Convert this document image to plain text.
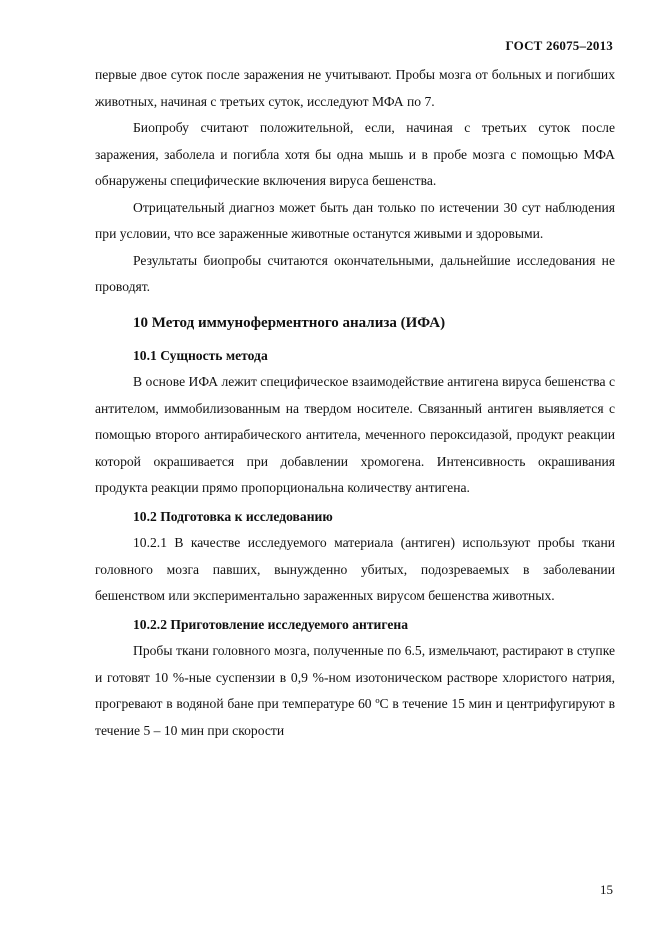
ГОСТ 26075–2013

первые двое суток после заражения не учитывают. Пробы мозга от больных и погибших животных, начиная с третьих суток, исследуют МФА по 7.

Биопробу считают положительной, если, начиная с третьих суток после заражения, заболела и погибла хотя бы одна мышь и в пробе мозга с помощью МФА обнаружены специфические включения вируса бешенства.

Отрицательный диагноз может быть дан только по истечении 30 сут наблюдения при условии, что все зараженные животные останутся живыми и здоровыми.

Результаты биопробы считаются окончательными, дальнейшие исследования не проводят.

10 Метод иммуноферментного анализа (ИФА)
10.1 Сущность метода

В основе ИФА лежит специфическое взаимодействие антигена вируса бешенства с антителом, иммобилизованным на твердом носителе. Связанный антиген выявляется с помощью второго антирабического антитела, меченного пероксидазой, продукт реакции которой окрашивается при добавлении хромогена. Интенсивность окрашивания продукта реакции прямо пропорциональна количеству антигена.

10.2 Подготовка к исследованию

10.2.1 В качестве исследуемого материала (антиген) используют пробы ткани головного мозга павших, вынужденно убитых, подозреваемых в заболевании бешенством или экспериментально зараженных вирусом бешенства животных.

10.2.2 Приготовление исследуемого антигена

Пробы ткани головного мозга, полученные по 6.5, измельчают, растирают в ступке и готовят 10 %-ные суспензии в 0,9 %-ном изотоническом растворе хлористого натрия, прогревают в водяной бане при температуре 60 ºС в течение 15 мин и центрифугируют в течение 5 – 10 мин при скорости

15
